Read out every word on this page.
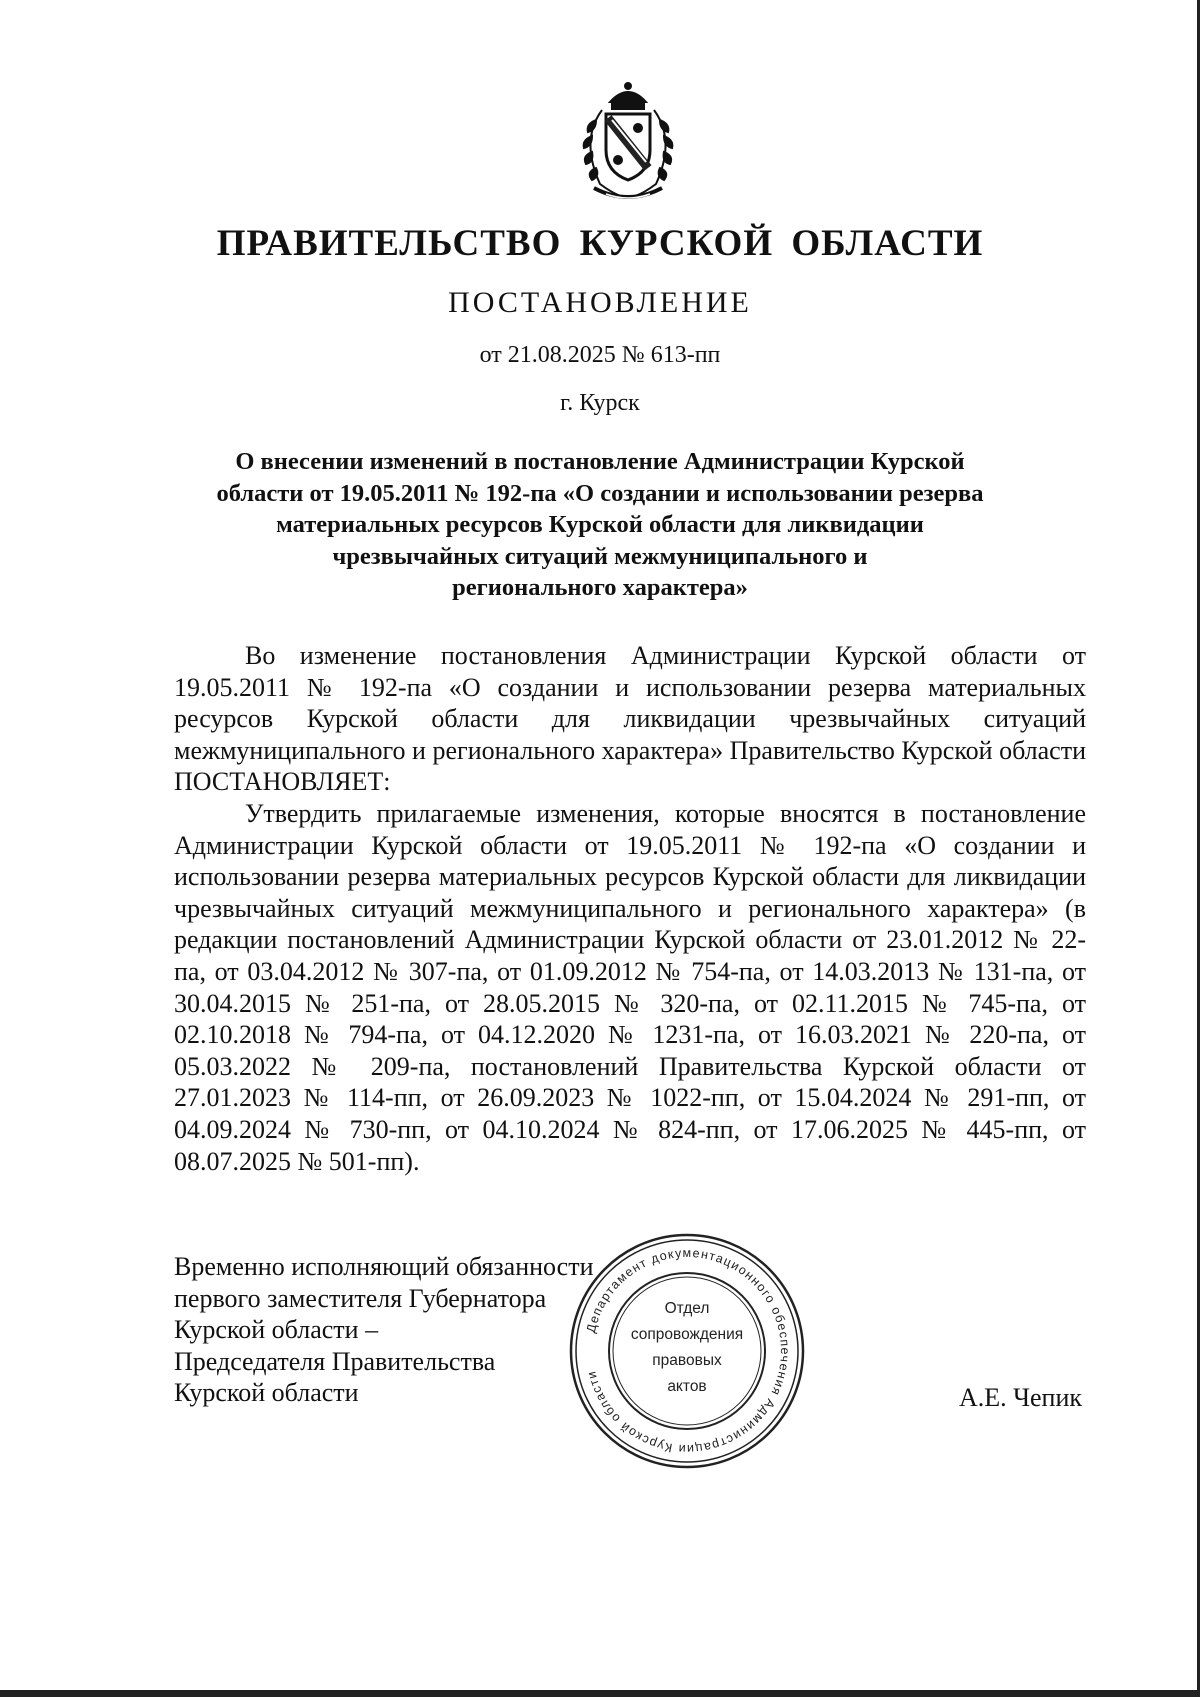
ПРАВИТЕЛЬСТВО КУРСКОЙ ОБЛАСТИ
ПОСТАНОВЛЕНИЕ
от 21.08.2025 № 613-пп
г. Курск
О внесении изменений в постановление Администрации Курской
области от 19.05.2011 № 192-па «О создании и использовании резерва
материальных ресурсов Курской области для ликвидации
чрезвычайных ситуаций межмуниципального и
регионального характера»

Во изменение постановления Администрации Курской области от 19.05.2011 № 192-па «О создании и использовании резерва материальных ресурсов Курской области для ликвидации чрезвычайных ситуаций межмуниципального и регионального характера» Правительство Курской области ПОСТАНОВЛЯЕТ:

Утвердить прилагаемые изменения, которые вносятся в постановление Администрации Курской области от 19.05.2011 № 192-па «О создании и использовании резерва материальных ресурсов Курской области для ликвидации чрезвычайных ситуаций межмуниципального и регионального характера» (в редакции постановлений Администрации Курской области от 23.01.2012 № 22-па, от 03.04.2012 № 307-па, от 01.09.2012 № 754-па, от 14.03.2013 № 131-па, от 30.04.2015 № 251-па, от 28.05.2015 № 320-па, от 02.11.2015 № 745-па, от 02.10.2018 № 794-па, от 04.12.2020 № 1231-па, от 16.03.2021 № 220-па, от 05.03.2022 № 209-па, постановлений Правительства Курской области от 27.01.2023 № 114-пп, от 26.09.2023 № 1022-пп, от 15.04.2024 № 291-пп, от 04.09.2024 № 730-пп, от 04.10.2024 № 824-пп, от 17.06.2025 № 445-пп, от 08.07.2025 № 501-пп).

Департамент документационного обеспечения Администрации Курской области
Отдел
сопровождения
правовых
актов
Временно исполняющий обязанности
первого заместителя Губернатора
Курской области –
Председателя Правительства
Курской области	А.Е. Чепик
